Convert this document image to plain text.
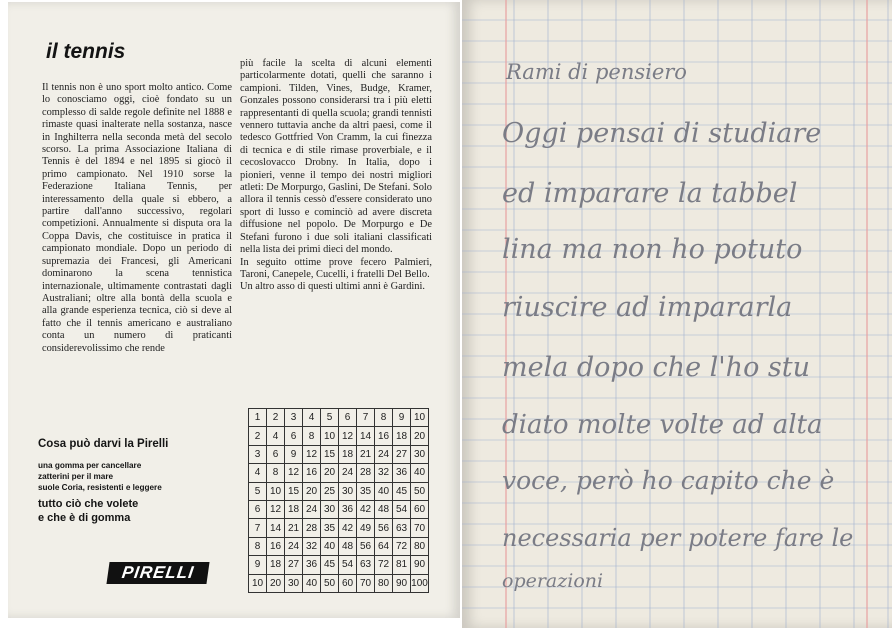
il tennis
Il tennis non è uno sport molto antico. Come lo conosciamo oggi, cioè fondato su un complesso di salde regole definite nel 1888 e rimaste quasi inalterate nella sostanza, nasce in Inghilterra nella seconda metà del secolo scorso. La prima Associazione Italiana di Tennis è del 1894 e nel 1895 si giocò il primo campionato. Nel 1910 sorse la Federazione Italiana Tennis, per interessamento della quale si ebbero, a partire dall'anno successivo, regolari competizioni. Annualmente si disputa ora la Coppa Davis, che costituisce in pratica il campionato mondiale. Dopo un periodo di supremazia dei Francesi, gli Americani dominarono la scena tennistica internazionale, ultimamente contrastati dagli Australiani; oltre alla bontà della scuola e alla grande esperienza tecnica, ciò si deve al fatto che il tennis americano e australiano conta un numero di praticanti considerevolissimo che rende
più facile la scelta di alcuni elementi particolarmente dotati, quelli che saranno i campioni. Tilden, Vines, Budge, Kramer, Gonzales possono considerarsi tra i più eletti rappresentanti di quella scuola; grandi tennisti vennero tuttavia anche da altri paesi, come il tedesco Gottfried Von Cramm, la cui finezza di tecnica e di stile rimase proverbiale, e il cecoslovacco Drobny. In Italia, dopo i pionieri, venne il tempo dei nostri migliori atleti: De Morpurgo, Gaslini, De Stefani. Solo allora il tennis cessò d'essere considerato uno sport di lusso e cominciò ad avere discreta diffusione nel popolo. De Morpurgo e De Stefani furono i due soli italiani classificati nella lista dei primi dieci del mondo.
In seguito ottime prove fecero Palmieri, Taroni, Canepele, Cucelli, i fratelli Del Bello.
Un altro asso di questi ultimi anni è Gardini.
Cosa può darvi la Pirelli
una gomma per cancellare
zatterini per il mare
suole Coria, resistenti e leggere
tutto ciò che volete
e che è di gomma
PIRELLI
1	2	3	4	5	6	7	8	9	10
2	4	6	8	10	12	14	16	18	20
3	6	9	12	15	18	21	24	27	30
4	8	12	16	20	24	28	32	36	40
5	10	15	20	25	30	35	40	45	50
6	12	18	24	30	36	42	48	54	60
7	14	21	28	35	42	49	56	63	70
8	16	24	32	40	48	56	64	72	80
9	18	27	36	45	54	63	72	81	90
10	20	30	40	50	60	70	80	90	100
Rami di pensiero
Oggi pensai di studiare
ed imparare la tabbel
lina ma non ho potuto
riuscire ad impararla
mela dopo che l'ho stu
diato molte volte ad alta
voce, però ho capito che è
necessaria per potere fare le
operazioni
